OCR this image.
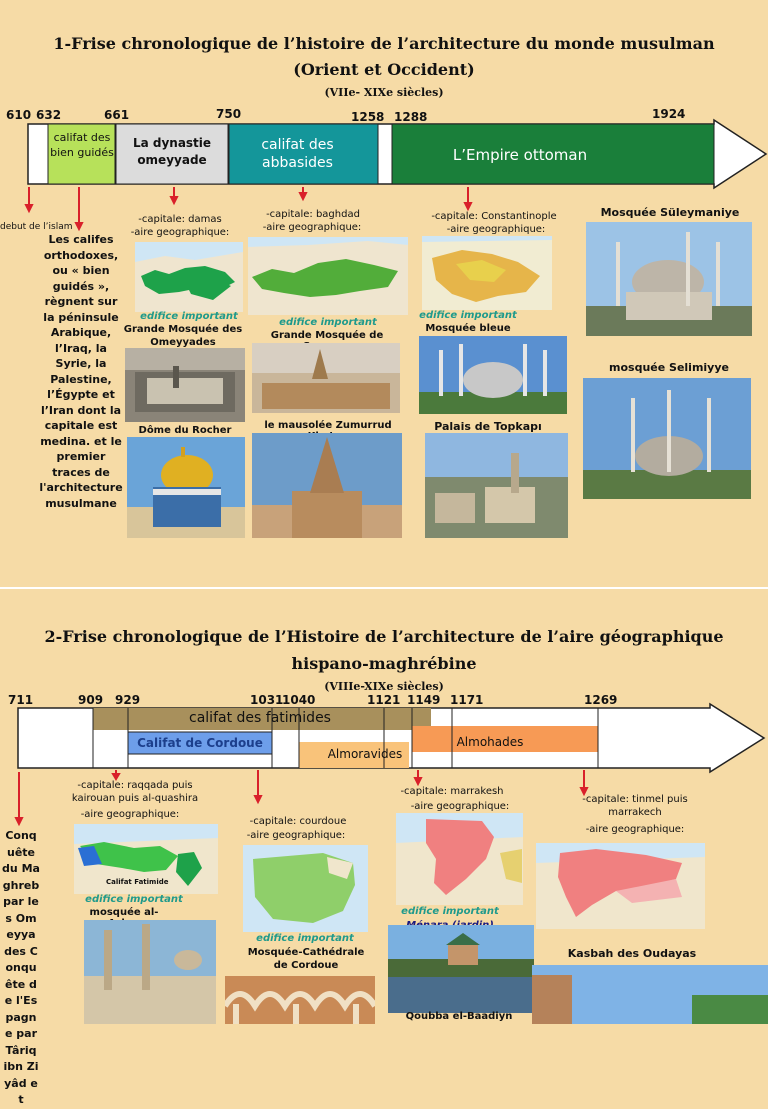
1-Frise chronologique de l’histoire de l’architecture du monde musulman
(Orient et Occident)
(VIIe- XIXe siècles)
610 632	661	750	1258 1288	1924
califat des bien guidés
La dynastie omeyyade
califat des abbasides	L’Empire ottoman
debut de l’islam
Les califes orthodoxes, ou « bien guidés », règnent sur la péninsule Arabique, l’Iraq, la Syrie, la Palestine, l’Égypte et l’Iran dont la capitale est medina. et le premier traces de l'architecture musulmane
-capitale: damas
-aire geographique:
edifice important
Grande Mosquée des Omeyyades
Dôme du Rocher
-capitale: baghdad
-aire geographique:
edifice important
Grande Mosquée de
le mausolée Zumurrud
-capitale: Constantinople
-aire geographique:
edifice important
Mosquée bleue
Palais de Topkapı
Mosquée Süleymaniye
mosquée Selimiyye
2-Frise chronologique de l’Histoire de l’architecture de l’aire géographique
hispano-maghrébine
(VIIIe-XIXe siècles)
711	909 929	1031
1040	1121 1149 1171	1269
califat des fatimides
Califat de Cordoue
Almoravides
Almohades
Conquête du Maghreb par les Omeyya des Conquête de l'Espagne par Târiq ibn Ziyâd et
-capitale: raqqada puis kairouan puis al-quashira
-aire geographique:
Califat Fatimide
edifice important
mosquée al-
-capitale: courdoue
-aire geographique:
edifice important
Mosquée-Cathédrale de Cordoue
-capitale: marrakesh
-aire geographique:
edifice important
Qoubba el-Baadiyn
-capitale: tinmel puis marrakech
-aire geographique:
Kasbah des Oudayas
